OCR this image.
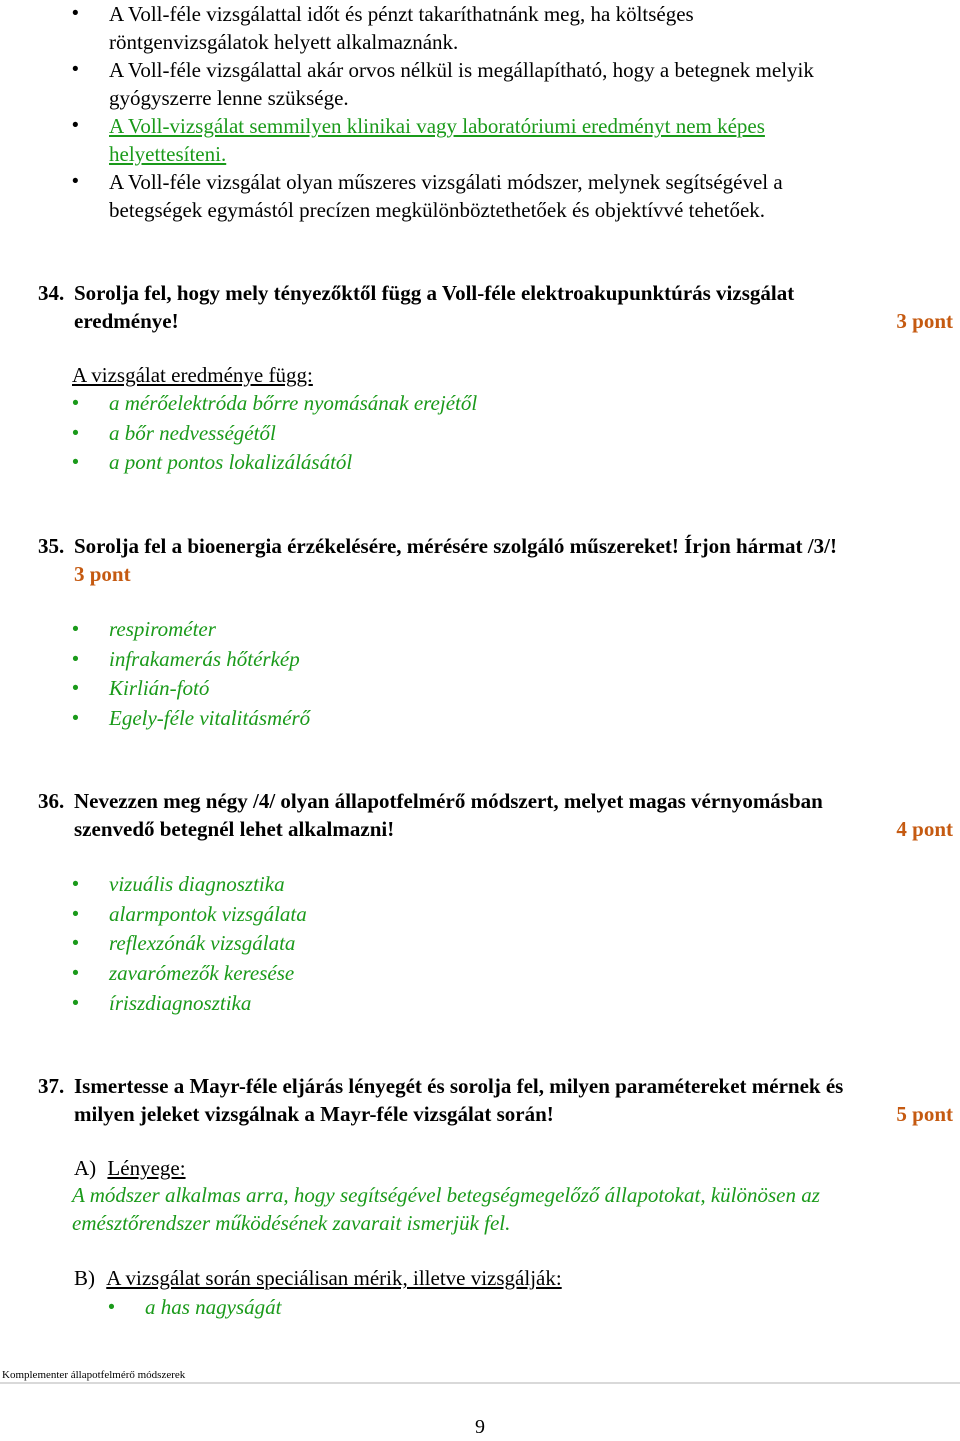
• A Voll-féle vizsgálattal időt és pénzt takaríthatnánk meg, ha költséges
röntgenvizsgálatok helyett alkalmaznánk.
• A Voll-féle vizsgálattal akár orvos nélkül is megállapítható, hogy a betegnek melyik
gyógyszerre lenne szüksége.
• A Voll-vizsgálat semmilyen klinikai vagy laboratóriumi eredményt nem képes
helyettesíteni.
• A Voll-féle vizsgálat olyan műszeres vizsgálati módszer, melynek segítségével a
betegségek egymástól precízen megkülönböztethetőek és objektívvé tehetőek.
34. Sorolja fel, hogy mely tényezőktől függ a Voll-féle elektroakupunktúrás vizsgálat
eredménye!	3 pont
A vizsgálat eredménye függ:
• a mérőelektróda bőrre nyomásának erejétől
• a bőr nedvességétől
• a pont pontos lokalizálásától
35. Sorolja fel a bioenergia érzékelésére, mérésére szolgáló műszereket! Írjon hármat /3/!
3 pont
• respirométer
• infrakamerás hőtérkép
• Kirlián-fotó
• Egely-féle vitalitásmérő
36. Nevezzen meg négy /4/ olyan állapotfelmérő módszert, melyet magas vérnyomásban
szenvedő betegnél lehet alkalmazni!	4 pont
• vizuális diagnosztika
• alarmpontok vizsgálata
• reflexzónák vizsgálata
• zavarómezők keresése
• íriszdiagnosztika
37. Ismertesse a Mayr-féle eljárás lényegét és sorolja fel, milyen paramétereket mérnek és
milyen jeleket vizsgálnak a Mayr-féle vizsgálat során!	5 pont
A) Lényege:
A módszer alkalmas arra, hogy segítségével betegségmegelőző állapotokat, különösen az
emésztőrendszer működésének zavarait ismerjük fel.
B) A vizsgálat során speciálisan mérik, illetve vizsgálják:
• a has nagyságát
Komplementer állapotfelmérő módszerek
9
